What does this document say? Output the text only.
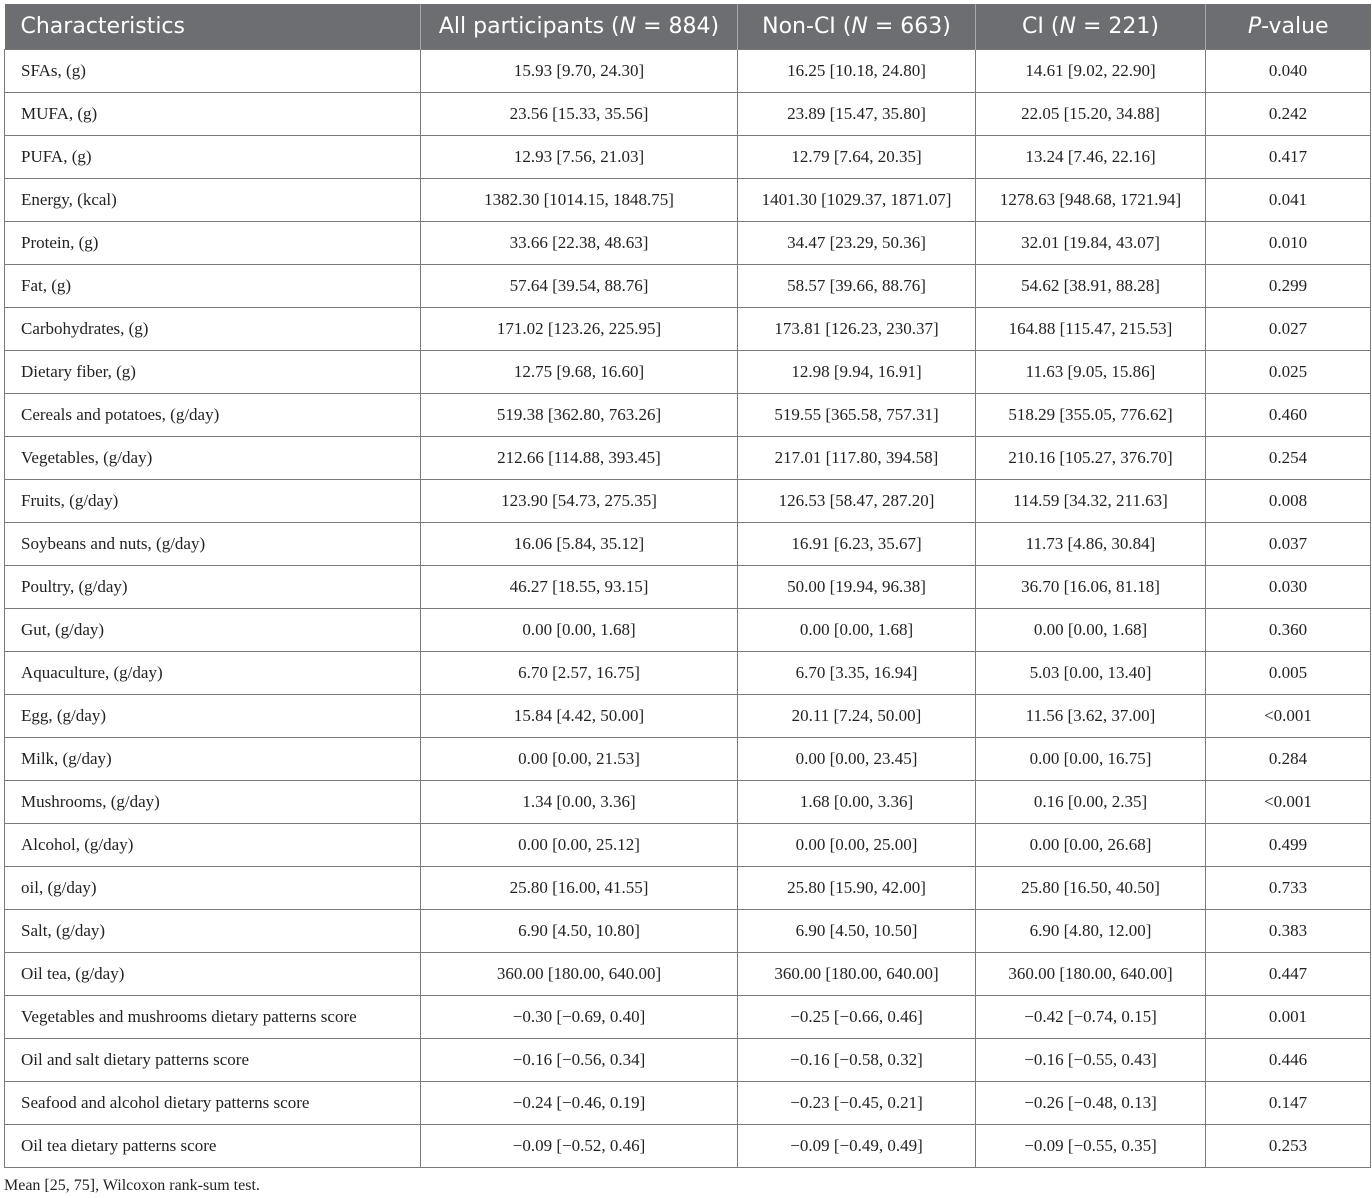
Characteristics	All participants (N = 884)	Non-CI (N = 663)	CI (N = 221)	P-value
SFAs, (g)	15.93 [9.70, 24.30]	16.25 [10.18, 24.80]	14.61 [9.02, 22.90]	0.040
MUFA, (g)	23.56 [15.33, 35.56]	23.89 [15.47, 35.80]	22.05 [15.20, 34.88]	0.242
PUFA, (g)	12.93 [7.56, 21.03]	12.79 [7.64, 20.35]	13.24 [7.46, 22.16]	0.417
Energy, (kcal)	1382.30 [1014.15, 1848.75]	1401.30 [1029.37, 1871.07]	1278.63 [948.68, 1721.94]	0.041
Protein, (g)	33.66 [22.38, 48.63]	34.47 [23.29, 50.36]	32.01 [19.84, 43.07]	0.010
Fat, (g)	57.64 [39.54, 88.76]	58.57 [39.66, 88.76]	54.62 [38.91, 88.28]	0.299
Carbohydrates, (g)	171.02 [123.26, 225.95]	173.81 [126.23, 230.37]	164.88 [115.47, 215.53]	0.027
Dietary fiber, (g)	12.75 [9.68, 16.60]	12.98 [9.94, 16.91]	11.63 [9.05, 15.86]	0.025
Cereals and potatoes, (g/day)	519.38 [362.80, 763.26]	519.55 [365.58, 757.31]	518.29 [355.05, 776.62]	0.460
Vegetables, (g/day)	212.66 [114.88, 393.45]	217.01 [117.80, 394.58]	210.16 [105.27, 376.70]	0.254
Fruits, (g/day)	123.90 [54.73, 275.35]	126.53 [58.47, 287.20]	114.59 [34.32, 211.63]	0.008
Soybeans and nuts, (g/day)	16.06 [5.84, 35.12]	16.91 [6.23, 35.67]	11.73 [4.86, 30.84]	0.037
Poultry, (g/day)	46.27 [18.55, 93.15]	50.00 [19.94, 96.38]	36.70 [16.06, 81.18]	0.030
Gut, (g/day)	0.00 [0.00, 1.68]	0.00 [0.00, 1.68]	0.00 [0.00, 1.68]	0.360
Aquaculture, (g/day)	6.70 [2.57, 16.75]	6.70 [3.35, 16.94]	5.03 [0.00, 13.40]	0.005
Egg, (g/day)	15.84 [4.42, 50.00]	20.11 [7.24, 50.00]	11.56 [3.62, 37.00]	<0.001
Milk, (g/day)	0.00 [0.00, 21.53]	0.00 [0.00, 23.45]	0.00 [0.00, 16.75]	0.284
Mushrooms, (g/day)	1.34 [0.00, 3.36]	1.68 [0.00, 3.36]	0.16 [0.00, 2.35]	<0.001
Alcohol, (g/day)	0.00 [0.00, 25.12]	0.00 [0.00, 25.00]	0.00 [0.00, 26.68]	0.499
oil, (g/day)	25.80 [16.00, 41.55]	25.80 [15.90, 42.00]	25.80 [16.50, 40.50]	0.733
Salt, (g/day)	6.90 [4.50, 10.80]	6.90 [4.50, 10.50]	6.90 [4.80, 12.00]	0.383
Oil tea, (g/day)	360.00 [180.00, 640.00]	360.00 [180.00, 640.00]	360.00 [180.00, 640.00]	0.447
Vegetables and mushrooms dietary patterns score	−0.30 [−0.69, 0.40]	−0.25 [−0.66, 0.46]	−0.42 [−0.74, 0.15]	0.001
Oil and salt dietary patterns score	−0.16 [−0.56, 0.34]	−0.16 [−0.58, 0.32]	−0.16 [−0.55, 0.43]	0.446
Seafood and alcohol dietary patterns score	−0.24 [−0.46, 0.19]	−0.23 [−0.45, 0.21]	−0.26 [−0.48, 0.13]	0.147
Oil tea dietary patterns score	−0.09 [−0.52, 0.46]	−0.09 [−0.49, 0.49]	−0.09 [−0.55, 0.35]	0.253

Mean [25, 75], Wilcoxon rank-sum test.
